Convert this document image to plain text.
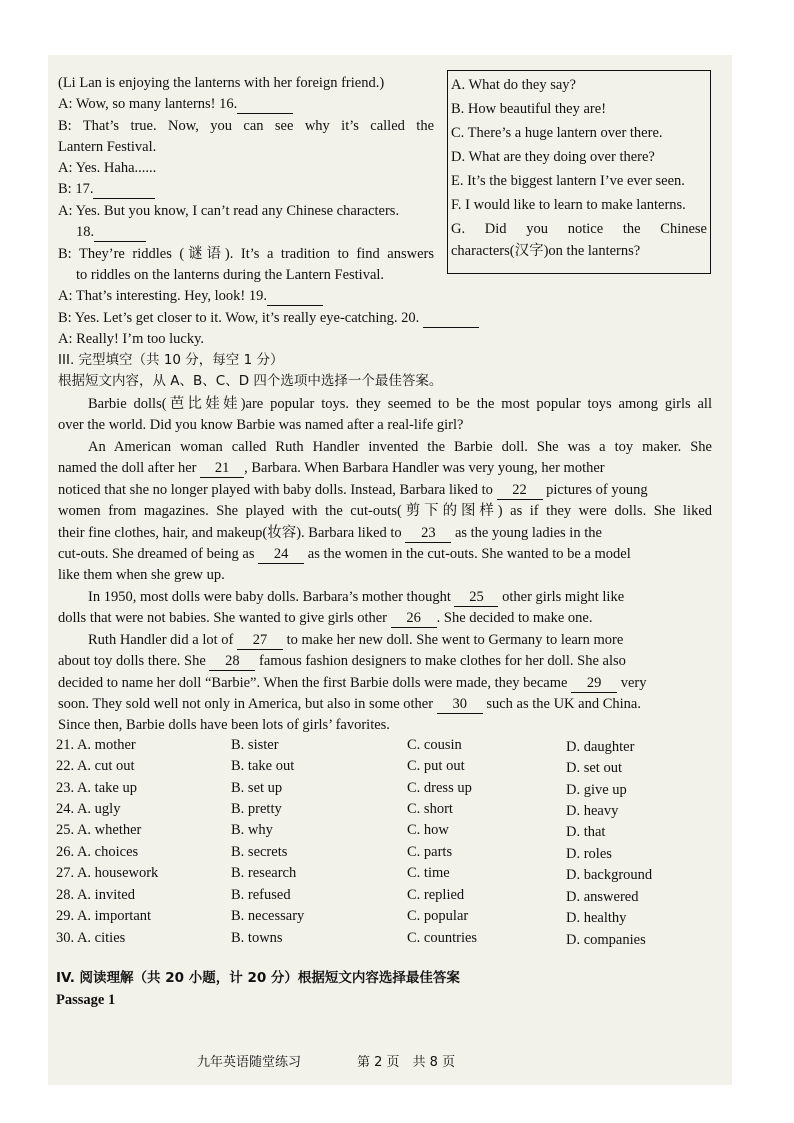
(Li Lan is enjoying the lanterns with her foreign friend.)
A: Wow, so many lanterns! 16.
B: That’s true. Now, you can see why it’s called the
Lantern Festival.
A: Yes. Haha......
B: 17.
A: Yes. But you know, I can’t read any Chinese characters.
18.
B: They’re riddles (谜语). It’s a tradition to find answers
to riddles on the lanterns during the Lantern Festival.
A: That’s interesting. Hey, look! 19.
B: Yes. Let’s get closer to it. Wow, it’s really eye-catching. 20.
A: Really! I’m too lucky.
A. What do they say?
B. How beautiful they are!
C. There’s a huge lantern over there.
D. What are they doing over there?
E. It’s the biggest lantern I’ve ever seen.
F. I would like to learn to make lanterns.
G. Did you notice the Chinese
characters(汉字)on the lanterns?
III. 完型填空（共 10 分，每空 1 分）
根据短文内容，从 A、B、C、D 四个选项中选择一个最佳答案。
Barbie dolls(芭比娃娃)are popular toys. they seemed to be the most popular toys among girls all
over the world. Did you know Barbie was named after a real-life girl?
An American woman called Ruth Handler invented the Barbie doll. She was a toy maker. She
named the doll after her 21 , Barbara. When Barbara Handler was very young, her mother
noticed that she no longer played with baby dolls. Instead, Barbara liked to 22 pictures of young
women from magazines. She played with the cut-outs(剪下的图样) as if they were dolls. She liked
their fine clothes, hair, and makeup(妆容). Barbara liked to 23 as the young ladies in the
cut-outs. She dreamed of being as 24 as the women in the cut-outs. She wanted to be a model
like them when she grew up.
In 1950, most dolls were baby dolls. Barbara’s mother thought 25 other girls might like
dolls that were not babies. She wanted to give girls other 26 . She decided to make one.
Ruth Handler did a lot of 27 to make her new doll. She went to Germany to learn more
about toy dolls there. She 28 famous fashion designers to make clothes for her doll. She also
decided to name her doll “Barbie”. When the first Barbie dolls were made, they became 29 very
soon. They sold well not only in America, but also in some other 30 such as the UK and China.
Since then, Barbie dolls have been lots of girls’ favorites.
21. A. mother	B. sister	C. cousin	D. daughter
22. A. cut out	B. take out	C. put out	D. set out
23. A. take up	B. set up	C. dress up	D. give up
24. A. ugly	B. pretty	C. short	D. heavy
25. A. whether	B. why	C. how	D. that
26. A. choices	B. secrets	C. parts	D. roles
27. A. housework	B. research	C. time	D. background
28. A. invited	B. refused	C. replied	D. answered
29. A. important	B. necessary	C. popular	D. healthy
30. A. cities	B. towns	C. countries	D. companies
IV. 阅读理解（共 20 小题，计 20 分）根据短文内容选择最佳答案
Passage 1
九年英语随堂练习	第 2 页　共 8 页
